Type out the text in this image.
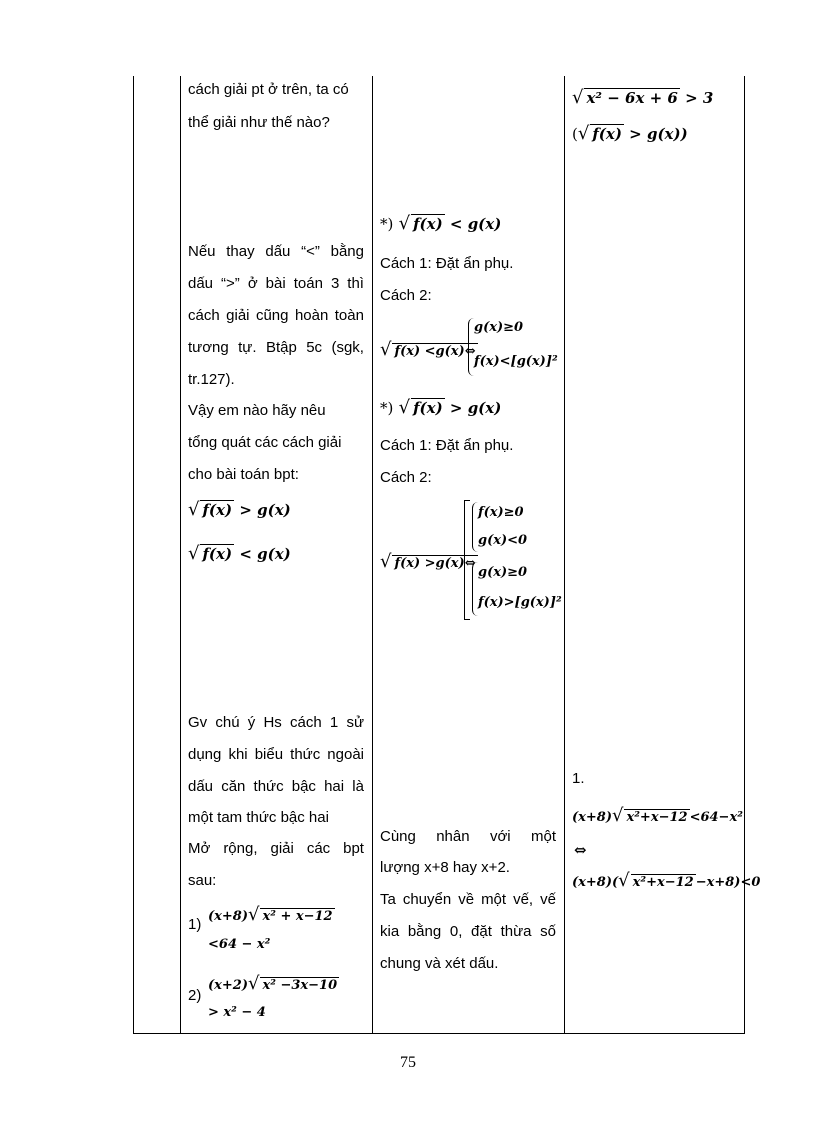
cách giải pt ở trên, ta có
thể giải như thế nào?
Nếu thay dấu “<” bằng
dấu “>” ở bài toán 3 thì
cách giải cũng hoàn toàn
tương tự. Btập 5c (sgk,
tr.127).
Vậy em nào hãy nêu
tổng quát các cách giải
cho bài toán bpt:
√ f(x) > g(x)
√ f(x) < g(x)
Gv chú ý Hs cách 1 sử
dụng khi biểu thức ngoài
dấu căn thức bậc hai là
một tam thức bậc hai
Mở rộng, giải các bpt
sau:
1) (x+8)√ x² + x−12
<64 − x²
2)
(x+2)√ x² −3x−10
> x² − 4
*) √ f(x) < g(x)
Cách 1: Đặt ẩn phụ.
Cách 2:
√ f(x) <g(x)⇔
g(x)≥0
f(x)<[g(x)]²
*) √ f(x) > g(x)
Cách 1: Đặt ẩn phụ.
Cách 2:
√ f(x) >g(x)⇔
f(x)≥0
g(x)<0
g(x)≥0
f(x)>[g(x)]²
Cùng nhân với một
lượng x+8 hay x+2.
Ta chuyển về một vế, vế
kia bằng 0, đặt thừa số
chung và xét dấu.
√ x² − 6x + 6 > 3
(√ f(x) > g(x))
1.
(x+8)√ x²+x−12 <64−x²
⇔
(x+8)(√ x²+x−12 −x+8)<0
75
